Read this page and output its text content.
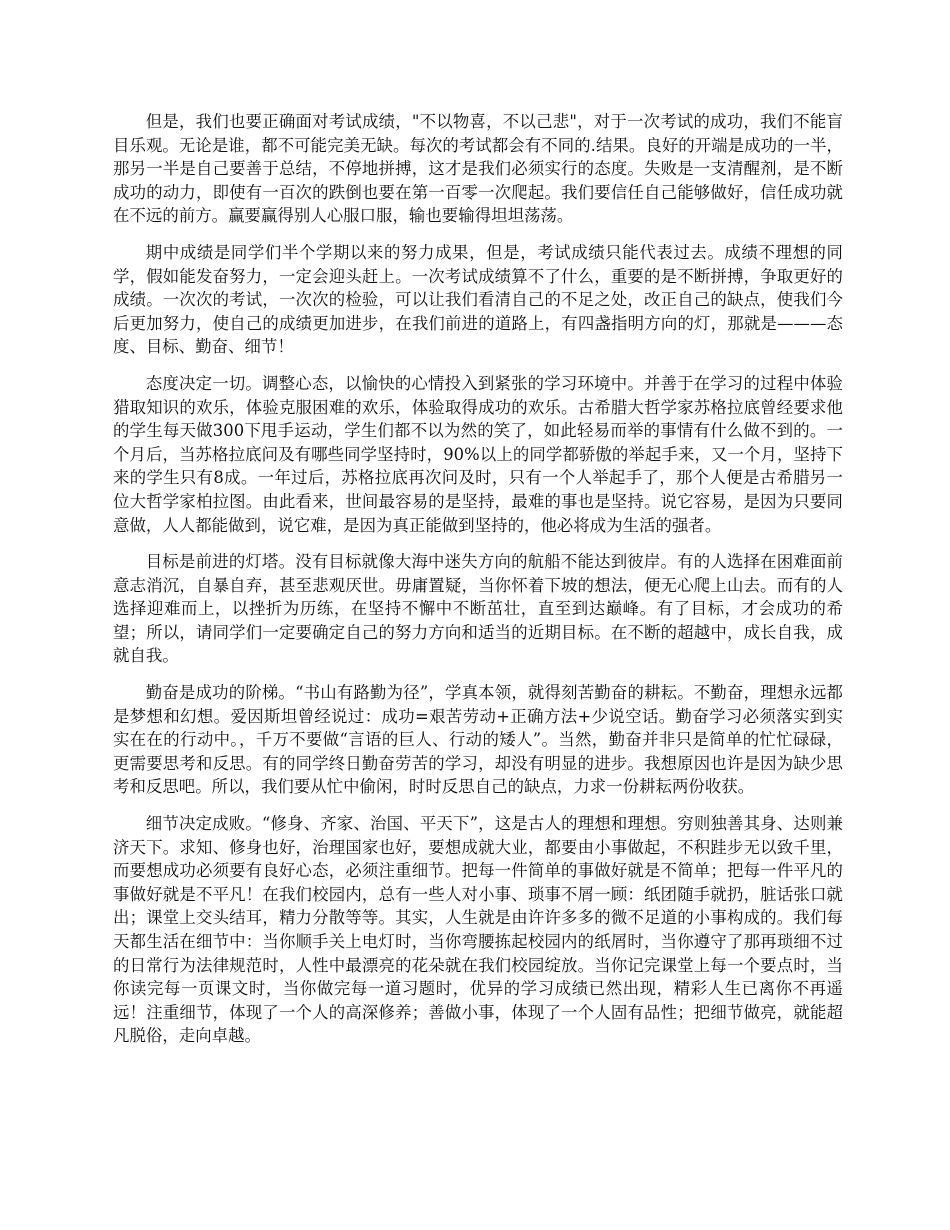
但是，我们也要正确面对考试成绩，"不以物喜，不以己悲"，对于一次考试的成功，我们不能盲目乐观。无论是谁，都不可能完美无缺。每次的考试都会有不同的.结果。良好的开端是成功的一半，那另一半是自己要善于总结，不停地拼搏，这才是我们必须实行的态度。失败是一支清醒剂，是不断成功的动力，即使有一百次的跌倒也要在第一百零一次爬起。我们要信任自己能够做好，信任成功就在不远的前方。赢要赢得别人心服口服，输也要输得坦坦荡荡。

期中成绩是同学们半个学期以来的努力成果，但是，考试成绩只能代表过去。成绩不理想的同学，假如能发奋努力，一定会迎头赶上。一次考试成绩算不了什么，重要的是不断拼搏，争取更好的成绩。一次次的考试，一次次的检验，可以让我们看清自己的不足之处，改正自己的缺点，使我们今后更加努力，使自己的成绩更加进步，在我们前进的道路上，有四盏指明方向的灯，那就是———态度、目标、勤奋、细节！

态度决定一切。调整心态，以愉快的心情投入到紧张的学习环境中。并善于在学习的过程中体验猎取知识的欢乐，体验克服困难的欢乐，体验取得成功的欢乐。古希腊大哲学家苏格拉底曾经要求他的学生每天做300下甩手运动，学生们都不以为然的笑了，如此轻易而举的事情有什么做不到的。一个月后，当苏格拉底问及有哪些同学坚持时，90%以上的同学都骄傲的举起手来，又一个月，坚持下来的学生只有8成。一年过后，苏格拉底再次问及时，只有一个人举起手了，那个人便是古希腊另一位大哲学家柏拉图。由此看来，世间最容易的是坚持，最难的事也是坚持。说它容易，是因为只要同意做，人人都能做到，说它难，是因为真正能做到坚持的，他必将成为生活的强者。

目标是前进的灯塔。没有目标就像大海中迷失方向的航船不能达到彼岸。有的人选择在困难面前意志消沉，自暴自弃，甚至悲观厌世。毋庸置疑，当你怀着下坡的想法，便无心爬上山去。而有的人选择迎难而上，以挫折为历练，在坚持不懈中不断茁壮，直至到达巅峰。有了目标，才会成功的希望；所以，请同学们一定要确定自己的努力方向和适当的近期目标。在不断的超越中，成长自我，成就自我。

勤奋是成功的阶梯。“书山有路勤为径”，学真本领，就得刻苦勤奋的耕耘。不勤奋，理想永远都是梦想和幻想。爱因斯坦曾经说过：成功=艰苦劳动+正确方法+少说空话。勤奋学习必须落实到实实在在的行动中。，千万不要做“言语的巨人、行动的矮人”。当然，勤奋并非只是简单的忙忙碌碌，更需要思考和反思。有的同学终日勤奋劳苦的学习，却没有明显的进步。我想原因也许是因为缺少思考和反思吧。所以，我们要从忙中偷闲，时时反思自己的缺点，力求一份耕耘两份收获。

细节决定成败。“修身、齐家、治国、平天下”，这是古人的理想和理想。穷则独善其身、达则兼济天下。求知、修身也好，治理国家也好，要想成就大业，都要由小事做起，不积跬步无以致千里，而要想成功必须要有良好心态，必须注重细节。把每一件简单的事做好就是不简单；把每一件平凡的事做好就是不平凡！在我们校园内，总有一些人对小事、琐事不屑一顾：纸团随手就扔，脏话张口就出；课堂上交头结耳，精力分散等等。其实，人生就是由许许多多的微不足道的小事构成的。我们每天都生活在细节中：当你顺手关上电灯时，当你弯腰拣起校园内的纸屑时，当你遵守了那再琐细不过的日常行为法律规范时，人性中最漂亮的花朵就在我们校园绽放。当你记完课堂上每一个要点时，当你读完每一页课文时，当你做完每一道习题时，优异的学习成绩已然出现，精彩人生已离你不再遥远！注重细节，体现了一个人的高深修养；善做小事，体现了一个人固有品性；把细节做亮，就能超凡脱俗，走向卓越。
